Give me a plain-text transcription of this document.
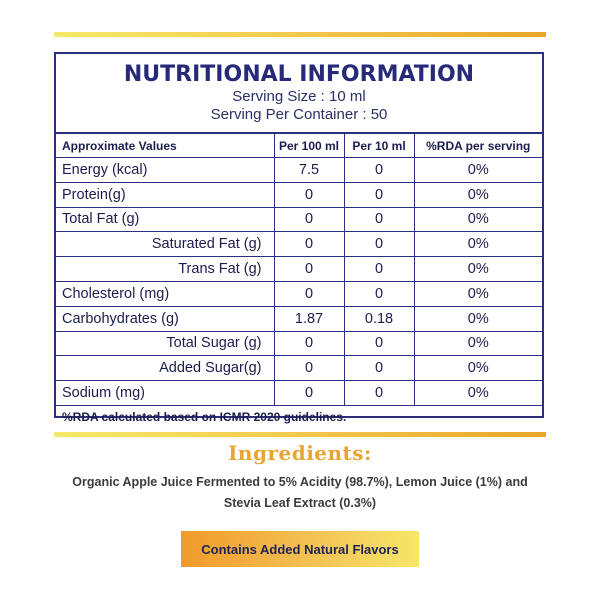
NUTRITIONAL INFORMATION
Serving Size : 10 ml
Serving Per Container : 50
Approximate Values	Per 100 ml	Per 10 ml	%RDA per serving
Energy (kcal)	7.5	0	0%
Protein(g)	0	0	0%
Total Fat (g)	0	0	0%
Saturated Fat (g)	0	0	0%
Trans Fat (g)	0	0	0%
Cholesterol (mg)	0	0	0%
Carbohydrates (g)	1.87	0.18	0%
Total Sugar (g)	0	0	0%
Added Sugar(g)	0	0	0%
Sodium (mg)	0	0	0%
%RDA calculated based on ICMR 2020 guidelines.			
Ingredients:
Organic Apple Juice Fermented to 5% Acidity (98.7%), Lemon Juice (1%) and
Stevia Leaf Extract (0.3%)
Contains Added Natural Flavors
